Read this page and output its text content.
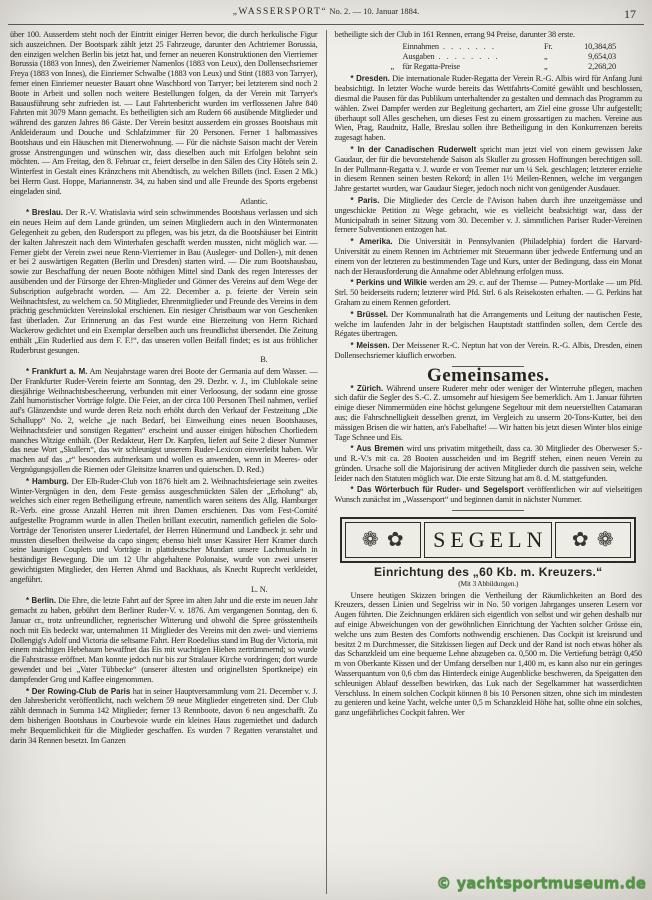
„WASSERSPORT“ No. 2. — 10. Januar 1884.	17

über 100. Ausserdem steht noch der Eintritt einiger Herren bevor, die durch herkulische Figur sich auszeichnen. Der Bootspark zählt jetzt 25 Fahrzeuge, darunter den Achtriemer Borussia, den einzigen welchen Berlin bis jetzt hat, und ferner an neueren Konstruktionen den Vierriemer Borussia (1883 von Innes), den Zweiriemer Namenlos (1883 von Leux), den Dollensechsriemer Freya (1883 von Innes), die Einriemer Schwalbe (1883 von Leux) und Stint (1883 von Tarryer), ferner einen Einriemer neuester Bauart ohne Waschbord von Tarryer; bei letzterem sind noch 2 Boote in Arbeit und sollen noch weitere Bestellungen folgen, da der Verein mit Tarryer's Bauausführung sehr zufrieden ist. — Laut Fahrtenbericht wurden im verflossenen Jahre 840 Fahrten mit 3079 Mann gemacht. Es betheiligten sich am Rudern 66 ausübende Mitglieder und während des ganzen Jahres 86 Gäste. Der Verein besitzt ausserdem ein grosses Bootshaus mit Ankleideraum und Douche und Schlafzimmer für 20 Personen. Ferner 1 halbmassives Bootshaus und ein Häuschen mit Dienerwohnung. — Für die nächste Saison macht der Verein grosse Anstrengungen und wünschen wir, dass dieselben auch mit Erfolgen belohnt sein möchten. — Am Freitag, den 8. Februar cr., feiert derselbe in den Sälen des City Hôtels sein 2. Winterfest in Gestalt eines Kränzchens mit Abendtisch, zu welchen Billets (incl. Essen 2 Mk.) bei Herrn Gust. Hoppe, Mariannenstr. 34, zu haben sind und alle Freunde des Sports ergebenst eingeladen sind.

Atlantic.

* Breslau. Der R.-V. Wratislavia wird sein schwimmendes Bootshaus verlassen und sich ein neues Heim auf dem Lande gründen, um seinen Mitgliedern auch in den Wintermonaten Gelegenheit zu geben, den Rudersport zu pflegen, was bis jetzt, da die Bootshäuser bei Eintritt der kalten Jahreszeit nach dem Winterhafen geschafft werden mussten, nicht möglich war. — Ferner giebt der Verein zwei neue Renn-Vierriemer in Bau (Ausleger- und Dollen-), mit denen er bei 2 auswärtigen Regatten (Berlin und Dresden) starten wird. — Die zum Bootshausbau, sowie zur Beschaffung der neuen Boote nöthigen Mittel sind Dank des regen Interesses der ausübenden und der Fürsorge der Ehren-Mitglieder und Gönner des Vereins auf dem Wege der Subscription aufgebracht worden. — Am 22. December a. p. feierte der Verein sein Weihnachtsfest, zu welchem ca. 50 Mitglieder, Ehrenmitglieder und Freunde des Vereins in dem prächtig geschmückten Vereinslokal erschienen. Ein riesiger Christbaum war von Geschenken fast überladen. Zur Erinnerung an das Fest wurde eine Bierzeitung von Herrn Richard Wackerow gedichtet und ein Exemplar derselben auch uns freundlichst übersendet. Die Zeitung enthält „Ein Ruderlied aus dem F. F.!“, das unseren vollen Beifall findet; es ist aus fröhlicher Ruderbrust gesungen.

B.

* Frankfurt a. M. Am Neujahrstage waren drei Boote der Germania auf dem Wasser. — Der Frankfurter Ruder-Verein feierte am Sonntag, den 29. Dezbr. v. J., im Clublokale seine diesjährige Weihnachtsbescheerung, verbunden mit einer Verloosung, der sodann eine grosse Zahl humoristischer Vorträge folgte. Die Feier, an der circa 100 Personen Theil nahmen, verlief auf's Glänzendste und wurde deren Reiz noch erhöht durch den Verkauf der Festzeitung „Die Schallupp“ No. 2, welche „je nach Bedarf, bei Einweihung eines neuen Bootshauses, Weihnachtsfeier und sonstigen Regatten“ erscheint und ausser einigen hübschen Chorliedern manches Witzige enthält. (Der Redakteur, Herr Dr. Karpfen, liefert auf Seite 2 dieser Nummer das neue Wort „Skullern“, das wir schleunigst unserem Ruder-Lexicon einverleibt haben. Wir machen auf das „r“ besonders aufmerksam und wollen es anwenden, wenn in Meeres- oder Vergnügungsjollen die Riemen oder Gleitsitze knarren und quietschen. D. Red.)

* Hamburg. Der Elb-Ruder-Club von 1876 hielt am 2. Weihnachtsfeiertage sein zweites Winter-Vergnügen in den, dem Feste gemäss ausgeschmückten Sälen der „Erholung“ ab, welches sich einer regen Betheiligung erfreute, namentlich waren seitens des Allg. Hamburger R.-Verb. eine grosse Anzahl Herren mit ihren Damen erschienen. Das vom Fest-Comité aufgestellte Programm wurde in allen Theilen brillant executirt, namentlich gefielen die Solo-Vorträge der Tenoristen unserer Liedertafel, der Herren Hünermund und Landbeck jr. sehr und mussten dieselben theilweise da capo singen; ebenso hielt unser Kassirer Herr Kramer durch seine launigen Couplets und Vorträge in plattdeutscher Mundart unsere Lachmuskeln in beständiger Bewegung. Die um 12 Uhr abgehaltene Polonaise, wurde von zwei unserer gewichtigsten Mitglieder, den Herren Ahrnd und Backhaus, als Knecht Ruprecht verkleidet, angeführt.

L. N.

* Berlin. Die Ehre, die letzte Fahrt auf der Spree im alten Jahr und die erste im neuen Jahr gemacht zu haben, gebührt dem Berliner Ruder-V. v. 1876. Am vergangenen Sonntag, den 6. Januar cr., trotz unfreundlicher, regnerischer Witterung und obwohl die Spree grösstentheils noch mit Eis bedeckt war, unternahmen 11 Mitglieder des Vereins mit den zwei- und vierriems Dollengig's Adolf und Victoria die seltsame Fahrt. Herr Roedelius stand im Bug der Victoria, mit einem mächtigen Hebebaum bewaffnet das Eis mit wuchtigen Hieben zertrümmernd; so wurde die Fahrstrasse eröffnet. Man konnte jedoch nur bis zur Stralauer Kirche vordringen; dort wurde gewendet und bei „Vater Tübbecke“ (unserer ältesten und originellsten Sportkneipe) ein dampfender Grog und Kaffee eingenommen.

* Der Rowing-Club de Paris hat in seiner Hauptversammlung vom 21. December v. J. den Jahresbericht veröffentlicht, nach welchem 59 neue Mitglieder eingetreten sind. Der Club zählt demnach in Summa 142 Mitglieder; ferner 13 Rennboote, davon 6 neu angeschafft. Zu dem bisherigen Bootshaus in Courbevoie wurde ein kleines Haus zugemiethet und dadurch mehr Bequemlichkeit für die Mitglieder geschaffen. Es wurden 7 Regatten veranstaltet und darin 34 Rennen besetzt. Im Ganzen

betheiligte sich der Club in 161 Rennen, errang 94 Preise, darunter 38 erste.

Einnahmen . . . . . . .	Fr.	10,384,85
Ausgaben . . . . . . . .	„	9,654,03
„	für Regatta-Preise	„	2,268,20

* Dresden. Die internationale Ruder-Regatta der Verein R.-G. Albis wird für Anfang Juni beabsichtigt. In letzter Woche wurde bereits das Wettfahrts-Comité gewählt und beschlossen, diesmal die Pausen für das Publikum unterhaltender zu gestalten und demnach das Programm zu wählen. Zwei Dampfer werden zur Begleitung gechartert, am Ziel eine grosse Uhr aufgestellt; überhaupt soll Alles geschehen, um dieses Fest zu einem grossartigen zu machen. Vereine aus Wien, Prag, Raudnitz, Halle, Breslau sollen ihre Betheiligung in den Konkurrenzen bereits zugesagt haben.

* In der Canadischen Ruderwelt spricht man jetzt viel von einem gewissen Jake Gaudaur, der für die bevorstehende Saison als Skuller zu grossen Hoffnungen berechtigen soll. In der Pullmann-Regatta v. J. wurde er von Teemer nur um ¼ Sek. geschlagen; letzterer erzielte in diesem Rennen seinen besten Rekord; in allen 1½ Meilen-Rennen, welche im vergangen Jahre gestartet wurden, war Gaudaur Sieger, jedoch noch nicht von genügender Ausdauer.

* Paris. Die Mitglieder des Cercle de l'Avison haben durch ihre unzeitgemässe und ungeschickte Petition zu Wege gebracht, wie es vielleicht beabsichtigt war, dass der Municipalrath in seiner Sitzung vom 30. December v. J. sämmtlichen Pariser Ruder-Vereinen fernere Subventionen entzogen hat.

* Amerika. Die Universität in Pennsylvanien (Philadelphia) fordert die Harvard-Universität zu einem Rennen im Achtriemer mit Steuermann über jedwede Entfernung und an einem von der letzteren zu bestimmenden Tage und Kurs, unter der Bedingung, dass ein Monat nach der Herausforderung die Annahme oder Ablehnung erfolgen muss.

* Perkins und Wilkie werden am 29. c. auf der Themse — Putney-Mortlake — um Pfd. Strl. 50 beiderseits rudern; letzterer wird Pfd. Strl. 6 als Reisekosten erhalten. — G. Perkins hat Graham zu einem Rennen gefordert.

* Brüssel. Der Kommunalrath hat die Arrangements und Leitung der nautischen Feste, welche im laufenden Jahr in der belgischen Hauptstadt stattfinden sollen, dem Cercle des Régates übertragen.

* Meissen. Der Meissener R.-C. Neptun hat von der Verein. R.-G. Albis, Dresden, einen Dollensechsriemer käuflich erworben.

Gemeinsames.

* Zürich. Während unsere Ruderer mehr oder weniger der Winterruhe pflegen, machen sich dafür die Segler des S.-C. Z. umsomehr auf hiesigem See bemerklich. Am 1. Januar führten einige dieser Nimmermüden eine höchst gelungene Segeltour mit dem neuerstellten Catamaran aus; die Fahrschnelligkeit desselben grenzt, im Vergleich zu unserm 20-Tons-Kutter, bei den mässigen Brisen die wir hatten, an's Fabelhafte! — Wir hatten bis jetzt diesen Winter blos einige Tage Schnee und Eis.

* Aus Bremen wird uns privatim mitgetheilt, dass ca. 30 Mitglieder des Oberweser S.- und R.-V.'s mit ca. 28 Booten ausscheiden und im Begriff stehen, einen neuen Verein zu gründen. Ursache soll die Majorisirung der activen Mitglieder durch die passiven sein, welche leider nach den Statuten möglich war. Die erste Sitzung hat am 8. d. M. stattgefunden.

* Das Wörterbuch für Ruder- und Segelsport veröffentlichen wir auf vielseitigen Wunsch zunächst im „Wassersport“ und beginnen damit in nächster Nummer.

❁ ✿	SEGELN	✿ ❁
Einrichtung des „60 Kb. m. Kreuzers.“
(Mit 3 Abbildungen.)

Unsere heutigen Skizzen bringen die Vertheilung der Räumlichkeiten an Bord des Kreuzers, dessen Linien und Segelriss wir in No. 50 vorigen Jahrganges unseren Lesern vor Augen führten. Die Zeichnungen erklären sich eigentlich von selbst und wir gehen deshalb nur auf einige Abweichungen von der gewöhnlichen Einrichtung der Yachten solcher Grösse ein, welche uns zum Besten des Comforts nothwendig erschienen. Das Cockpit ist kreisrund und besitzt 2 m Durchmesser, die Sitzkissen liegen auf Deck und der Rand ist noch etwas höher als das Schanzkleid um eine bequeme Lehne abzugeben ca. 0,500 m. Die Vertiefung beträgt 0,450 m von Oberkante Kissen und der Umfang derselben nur 1,400 m, es kann also nur ein geringes Wasserquantum von 0,6 cbm das Hinterdeck einige Augenblicke beschweren, da Speigatten den schleunigen Ablauf desselben bewirken, das Luk nach der Segelkammer hat wasserdichten Verschluss. In einem solchen Cockpit können 8 bis 10 Personen sitzen, ohne sich im mindesten zu genieren und keine Yacht, welche unter 0,5 m Schanzkleid Höhe hat, sollte ohne ein solches, ganz ungefährliches Cockpit fahren. Wer

© yachtsportmuseum.de
